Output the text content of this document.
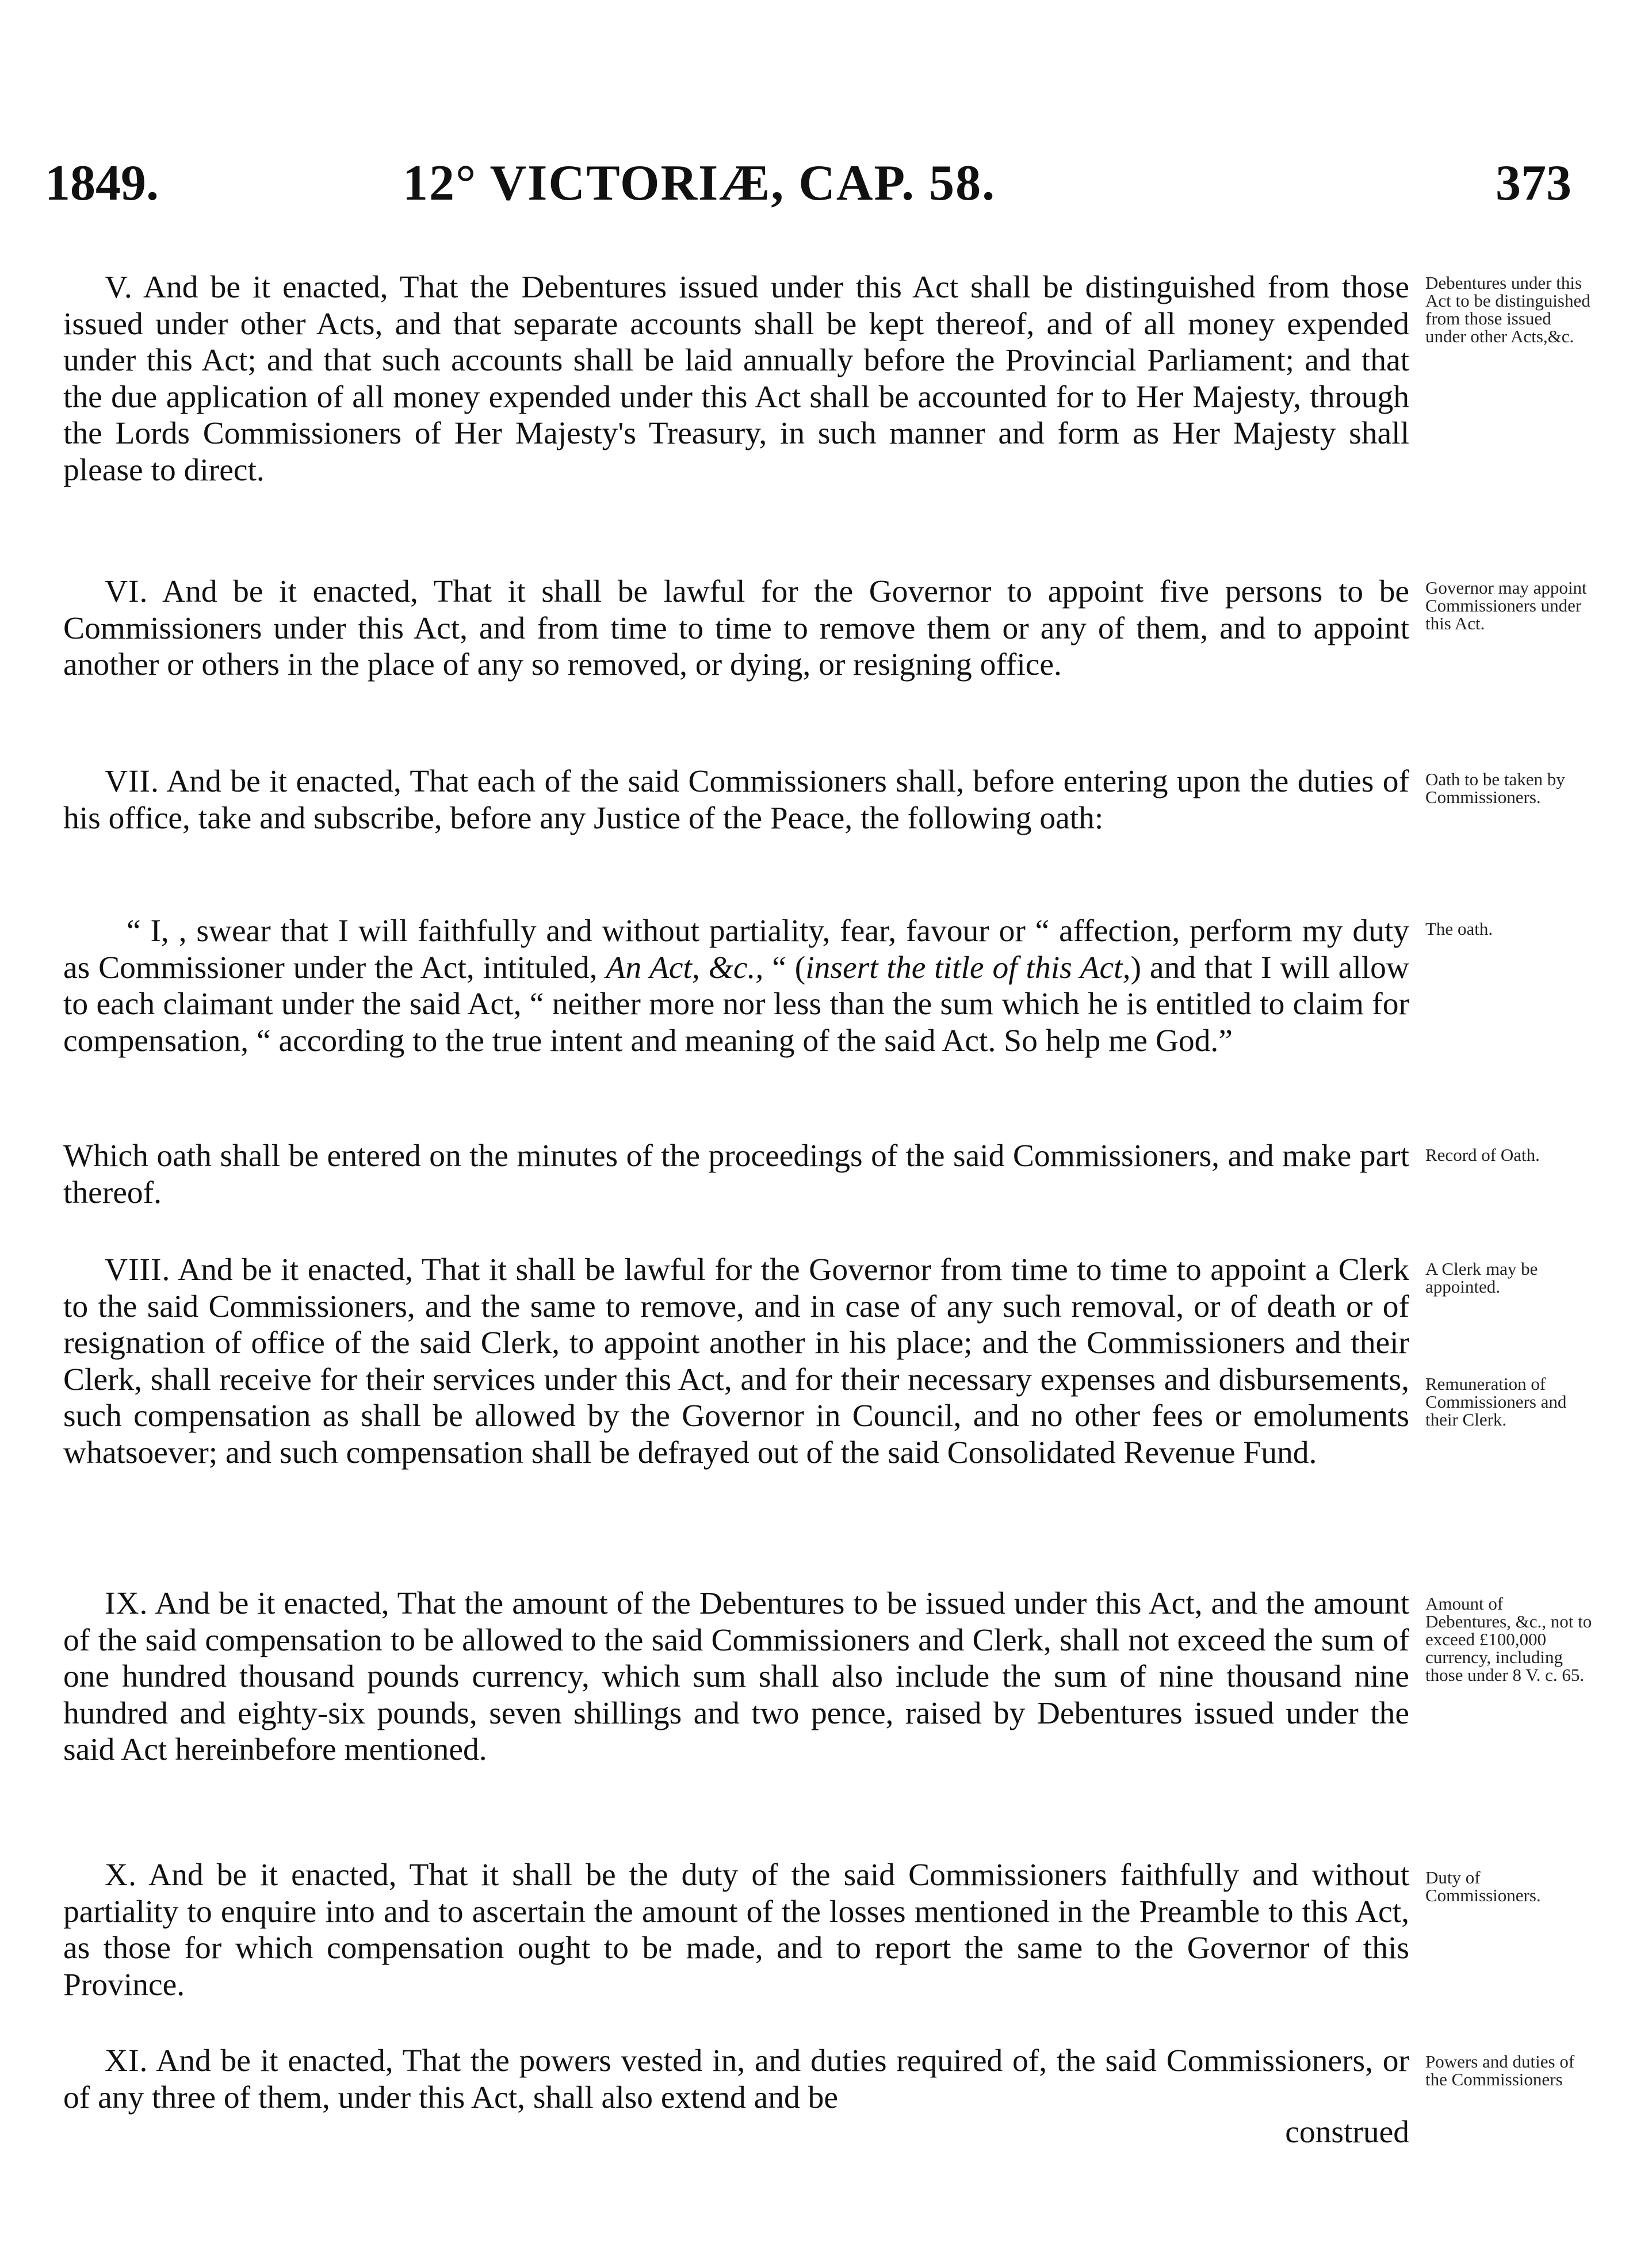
1849.	12° VICTORIÆ, CAP. 58.	373

V. And be it enacted, That the Debentures issued under this Act shall be distinguished from those issued under other Acts, and that separate accounts shall be kept thereof, and of all money expended under this Act; and that such accounts shall be laid annually before the Provincial Parliament; and that the due application of all money expended under this Act shall be accounted for to Her Majesty, through the Lords Commissioners of Her Majesty's Treasury, in such manner and form as Her Majesty shall please to direct.

Debentures under this Act to be distinguished from those issued under other Acts,&c.

VI. And be it enacted, That it shall be lawful for the Governor to appoint five persons to be Commissioners under this Act, and from time to time to remove them or any of them, and to appoint another or others in the place of any so removed, or dying, or resigning office.

Governor may appoint Commissioners under this Act.

VII. And be it enacted, That each of the said Commissioners shall, before entering upon the duties of his office, take and subscribe, before any Justice of the Peace, the following oath:

Oath to be taken by Commissioners.

“ I, , swear that I will faithfully and without partiality, fear, favour or “ affection, perform my duty as Commissioner under the Act, intituled, An Act, &c., “ (insert the title of this Act,) and that I will allow to each claimant under the said Act, “ neither more nor less than the sum which he is entitled to claim for compensation, “ according to the true intent and meaning of the said Act. So help me God.”

The oath.

Which oath shall be entered on the minutes of the proceedings of the said Commissioners, and make part thereof.

Record of Oath.

VIII. And be it enacted, That it shall be lawful for the Governor from time to time to appoint a Clerk to the said Commissioners, and the same to remove, and in case of any such removal, or of death or of resignation of office of the said Clerk, to appoint another in his place; and the Commissioners and their Clerk, shall receive for their services under this Act, and for their necessary expenses and disbursements, such compensation as shall be allowed by the Governor in Council, and no other fees or emoluments whatsoever; and such compensation shall be defrayed out of the said Consolidated Revenue Fund.

A Clerk may be appointed.
Remuneration of Commissioners and their Clerk.

IX. And be it enacted, That the amount of the Debentures to be issued under this Act, and the amount of the said compensation to be allowed to the said Commissioners and Clerk, shall not exceed the sum of one hundred thousand pounds currency, which sum shall also include the sum of nine thousand nine hundred and eighty-six pounds, seven shillings and two pence, raised by Debentures issued under the said Act hereinbefore mentioned.

Amount of Debentures, &c., not to exceed £100,000 currency, including those under 8 V. c. 65.

X. And be it enacted, That it shall be the duty of the said Commissioners faithfully and without partiality to enquire into and to ascertain the amount of the losses mentioned in the Preamble to this Act, as those for which compensation ought to be made, and to report the same to the Governor of this Province.

Duty of Commissioners.

XI. And be it enacted, That the powers vested in, and duties required of, the said Commissioners, or of any three of them, under this Act, shall also extend and be

Powers and duties of the Commissioners
construed
